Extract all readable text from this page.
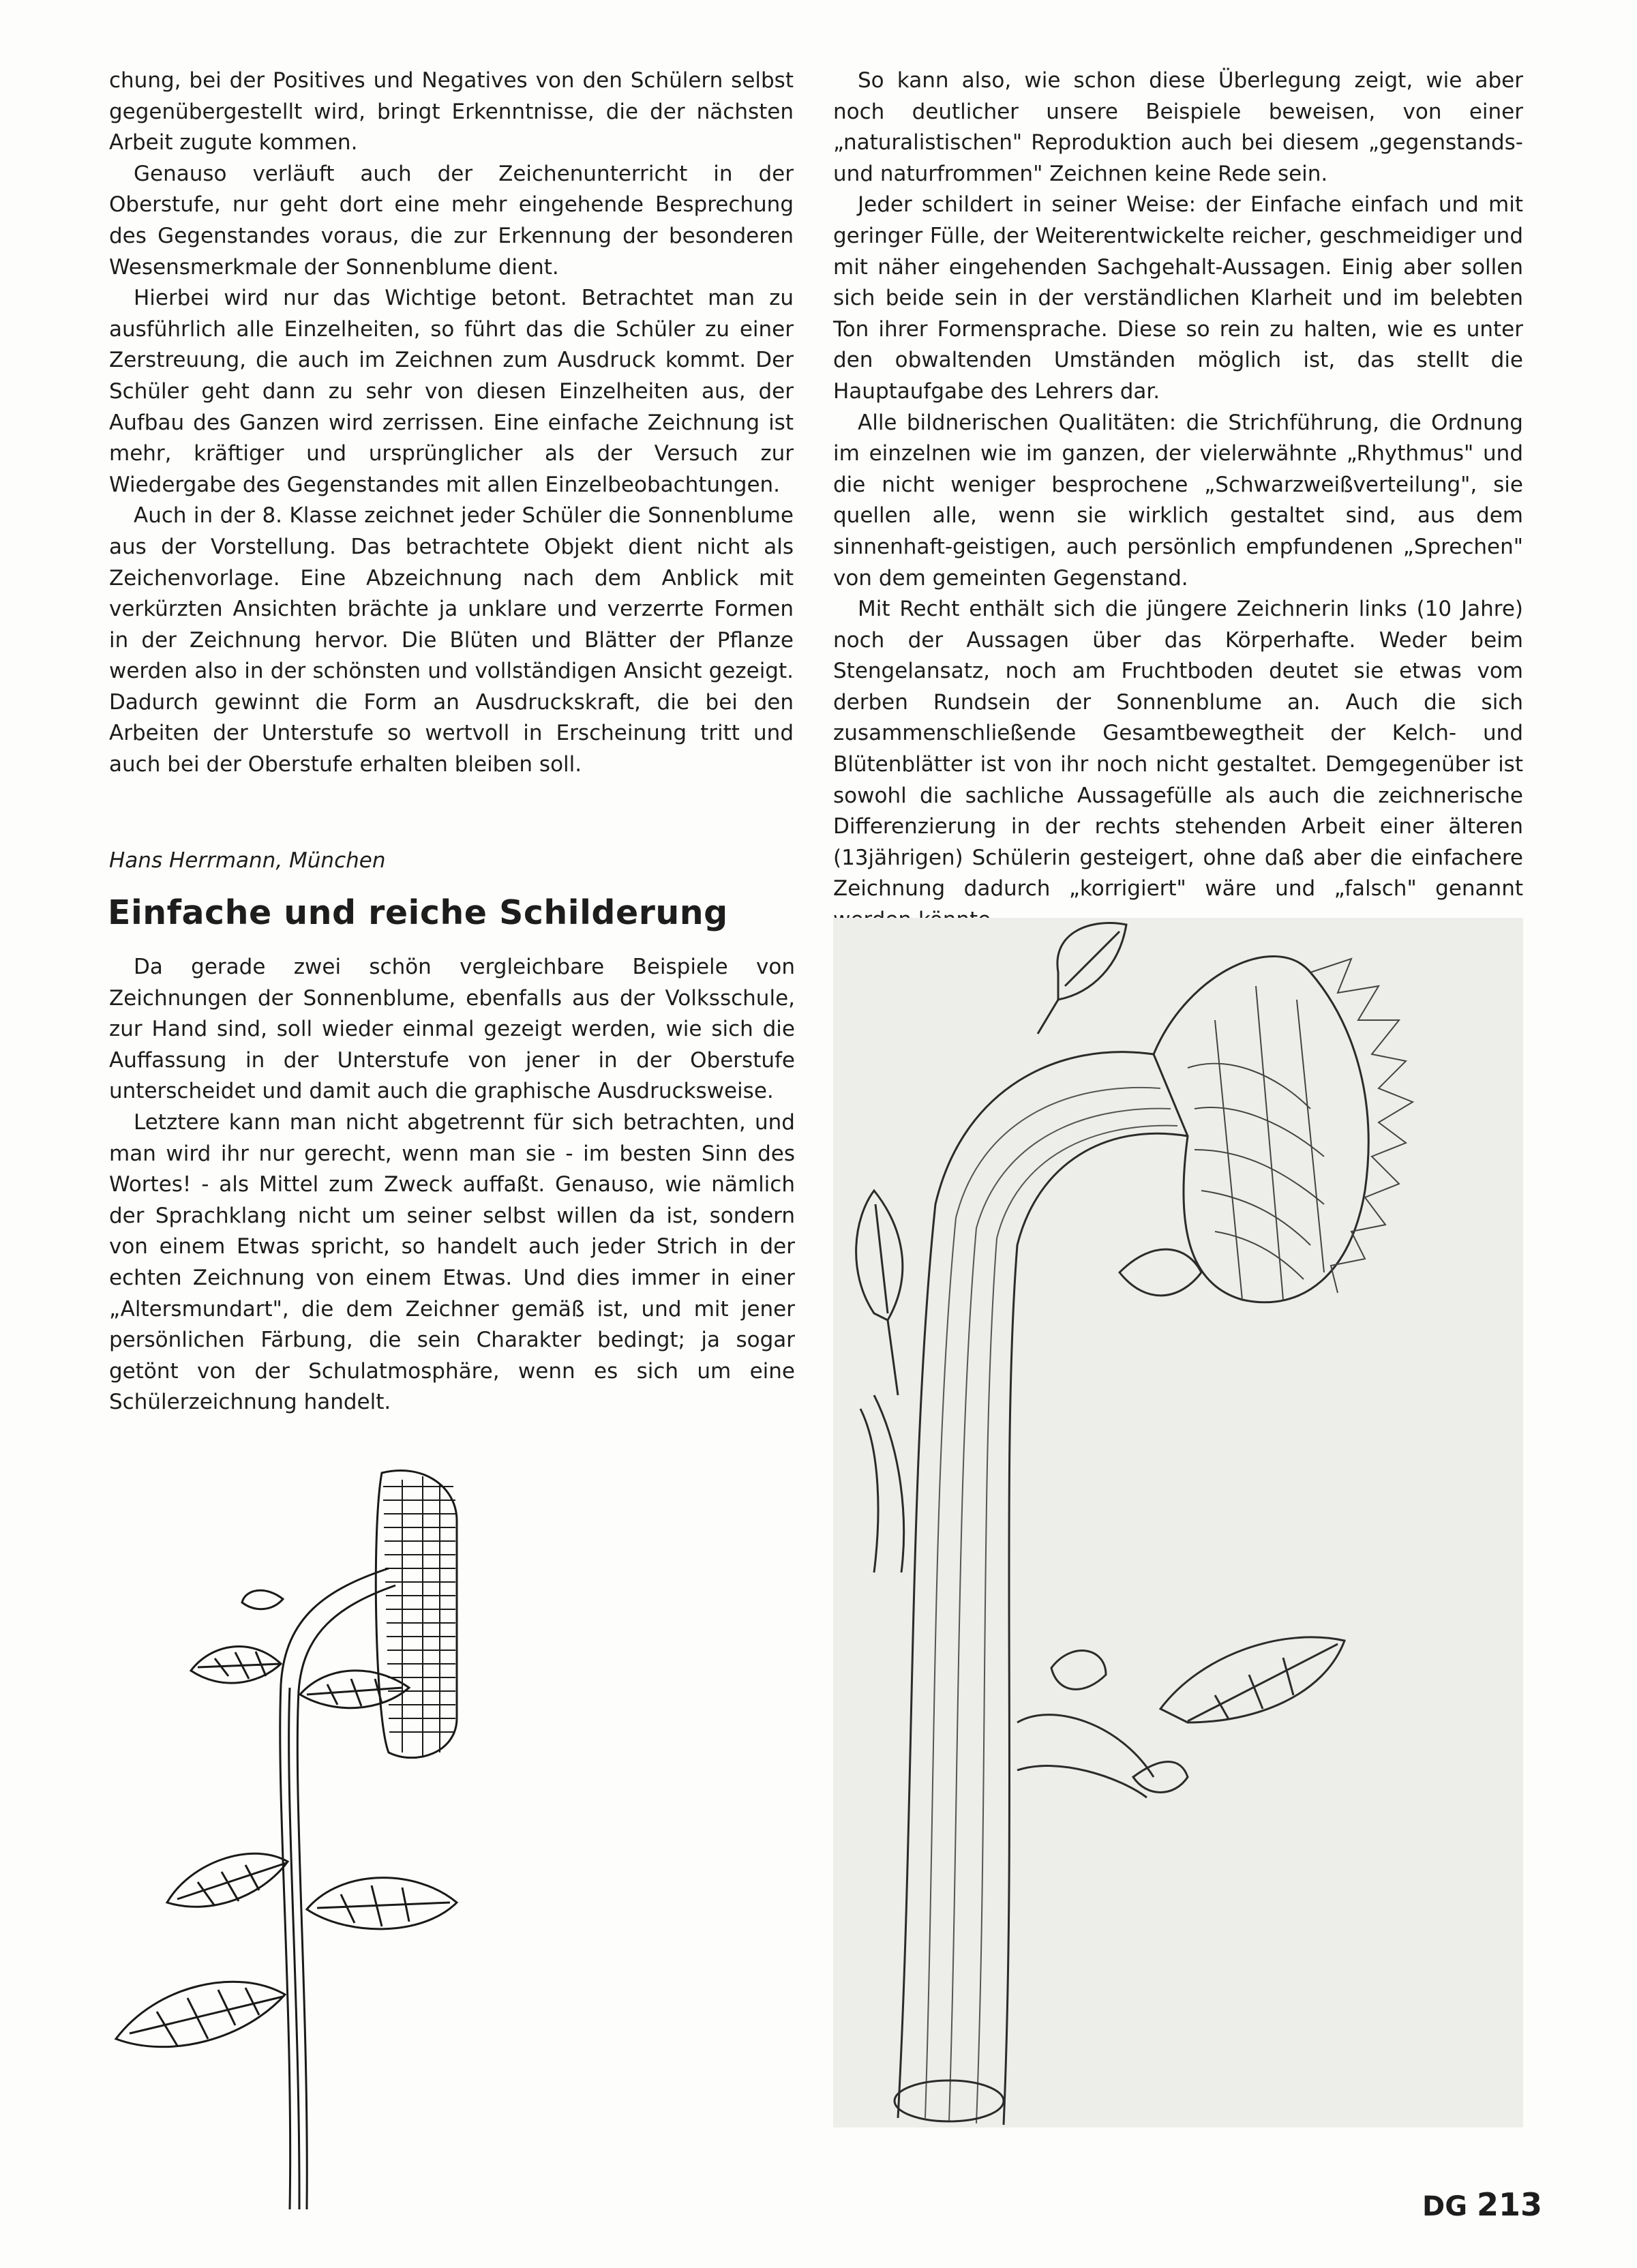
chung, bei der Positives und Negatives von den Schülern selbst gegenübergestellt wird, bringt Erkenntnisse, die der nächsten Arbeit zugute kommen.

Genauso verläuft auch der Zeichenunterricht in der Oberstufe, nur geht dort eine mehr eingehende Besprechung des Gegenstandes voraus, die zur Erkennung der besonderen Wesensmerkmale der Sonnenblume dient.

Hierbei wird nur das Wichtige betont. Betrachtet man zu ausführlich alle Einzelheiten, so führt das die Schüler zu einer Zerstreuung, die auch im Zeichnen zum Ausdruck kommt. Der Schüler geht dann zu sehr von diesen Einzelheiten aus, der Aufbau des Ganzen wird zerrissen. Eine einfache Zeichnung ist mehr, kräftiger und ursprünglicher als der Versuch zur Wiedergabe des Gegenstandes mit allen Einzelbeobachtungen.

Auch in der 8. Klasse zeichnet jeder Schüler die Sonnenblume aus der Vorstellung. Das betrachtete Objekt dient nicht als Zeichenvorlage. Eine Abzeichnung nach dem Anblick mit verkürzten Ansichten brächte ja unklare und verzerrte Formen in der Zeichnung hervor. Die Blüten und Blätter der Pflanze werden also in der schönsten und vollständigen Ansicht gezeigt. Dadurch gewinnt die Form an Ausdruckskraft, die bei den Arbeiten der Unterstufe so wertvoll in Erscheinung tritt und auch bei der Oberstufe erhalten bleiben soll.

Hans Herrmann, München
Einfache und reiche Schilderung

Da gerade zwei schön vergleichbare Beispiele von Zeichnungen der Sonnenblume, ebenfalls aus der Volksschule, zur Hand sind, soll wieder einmal gezeigt werden, wie sich die Auffassung in der Unterstufe von jener in der Oberstufe unterscheidet und damit auch die graphische Ausdrucksweise.

Letztere kann man nicht abgetrennt für sich betrachten, und man wird ihr nur gerecht, wenn man sie - im besten Sinn des Wortes! - als Mittel zum Zweck auffaßt. Genauso, wie nämlich der Sprachklang nicht um seiner selbst willen da ist, sondern von einem Etwas spricht, so handelt auch jeder Strich in der echten Zeichnung von einem Etwas. Und dies immer in einer „Altersmundart", die dem Zeichner gemäß ist, und mit jener persönlichen Färbung, die sein Charakter bedingt; ja sogar getönt von der Schulatmosphäre, wenn es sich um eine Schülerzeichnung handelt.

So kann also, wie schon diese Überlegung zeigt, wie aber noch deutlicher unsere Beispiele beweisen, von einer „naturalistischen" Reproduktion auch bei diesem „gegenstands- und naturfrommen" Zeichnen keine Rede sein.

Jeder schildert in seiner Weise: der Einfache einfach und mit geringer Fülle, der Weiterentwickelte reicher, geschmeidiger und mit näher eingehenden Sachgehalt-Aussagen. Einig aber sollen sich beide sein in der verständlichen Klarheit und im belebten Ton ihrer Formensprache. Diese so rein zu halten, wie es unter den obwaltenden Umständen möglich ist, das stellt die Hauptaufgabe des Lehrers dar.

Alle bildnerischen Qualitäten: die Strichführung, die Ordnung im einzelnen wie im ganzen, der vielerwähnte „Rhythmus" und die nicht weniger besprochene „Schwarzweißverteilung", sie quellen alle, wenn sie wirklich gestaltet sind, aus dem sinnenhaft-geistigen, auch persönlich empfundenen „Sprechen" von dem gemeinten Gegenstand.

Mit Recht enthält sich die jüngere Zeichnerin links (10 Jahre) noch der Aussagen über das Körperhafte. Weder beim Stengelansatz, noch am Fruchtboden deutet sie etwas vom derben Rundsein der Sonnenblume an. Auch die sich zusammenschließende Gesamtbewegtheit der Kelch- und Blütenblätter ist von ihr noch nicht gestaltet. Demgegenüber ist sowohl die sachliche Aussagefülle als auch die zeichnerische Differenzierung in der rechts stehenden Arbeit einer älteren (13jährigen) Schülerin gesteigert, ohne daß aber die einfachere Zeichnung dadurch „korrigiert" wäre und „falsch" genannt

DG 213
